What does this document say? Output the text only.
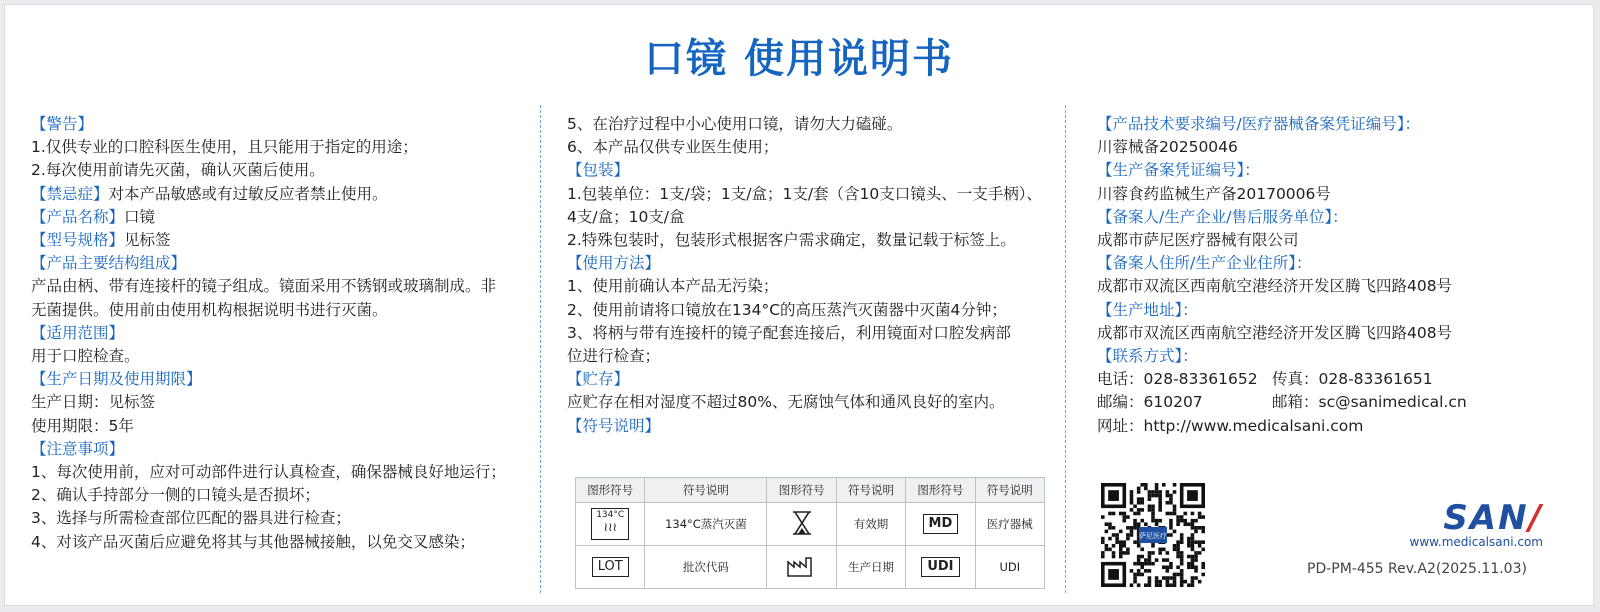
口镜 使用说明书
【警告】
1.仅供专业的口腔科医生使用，且只能用于指定的用途；
2.每次使用前请先灭菌，确认灭菌后使用。
【禁忌症】对本产品敏感或有过敏反应者禁止使用。
【产品名称】口镜
【型号规格】见标签
【产品主要结构组成】
产品由柄、带有连接杆的镜子组成。镜面采用不锈钢或玻璃制成。非
无菌提供。使用前由使用机构根据说明书进行灭菌。
【适用范围】
用于口腔检查。
【生产日期及使用期限】
生产日期：见标签
使用期限：5年
【注意事项】
1、每次使用前，应对可动部件进行认真检查，确保器械良好地运行；
2、确认手持部分一侧的口镜头是否损坏；
3、选择与所需检查部位匹配的器具进行检查；
4、对该产品灭菌后应避免将其与其他器械接触，以免交叉感染；
5、在治疗过程中小心使用口镜，请勿大力磕碰。
6、本产品仅供专业医生使用；
【包装】
1.包装单位：1支/袋；1支/盒；1支/套（含10支口镜头、一支手柄）、
4支/盒；10支/盒
2.特殊包装时，包装形式根据客户需求确定，数量记载于标签上。
【使用方法】
1、使用前确认本产品无污染；
2、使用前请将口镜放在134°C的高压蒸汽灭菌器中灭菌4分钟；
3、将柄与带有连接杆的镜子配套连接后，利用镜面对口腔发病部
位进行检查；
【贮存】
应贮存在相对湿度不超过80%、无腐蚀气体和通风良好的室内。
【符号说明】
【产品技术要求编号/医疗器械备案凭证编号】：
川蓉械备20250046
【生产备案凭证编号】：
川蓉食药监械生产备20170006号
【备案人/生产企业/售后服务单位】：
成都市萨尼医疗器械有限公司
【备案人住所/生产企业住所】：
成都市双流区西南航空港经济开发区腾飞四路408号
【生产地址】：
成都市双流区西南航空港经济开发区腾飞四路408号
【联系方式】：
电话：028-83361652 传真：028-83361651
邮编：610207	邮箱：sc@sanimedical.cn
网址：http://www.medicalsani.com
图形符号	符号说明	图形符号	符号说明	图形符号	符号说明
134°C
≀≀≀	134°C蒸汽灭菌		有效期	MD	医疗器械
LOT	批次代码		生产日期	UDI	UDI
萨尼医疗	SAN/
www.medicalsani.com
PD-PM-455 Rev.A2(2025.11.03)
